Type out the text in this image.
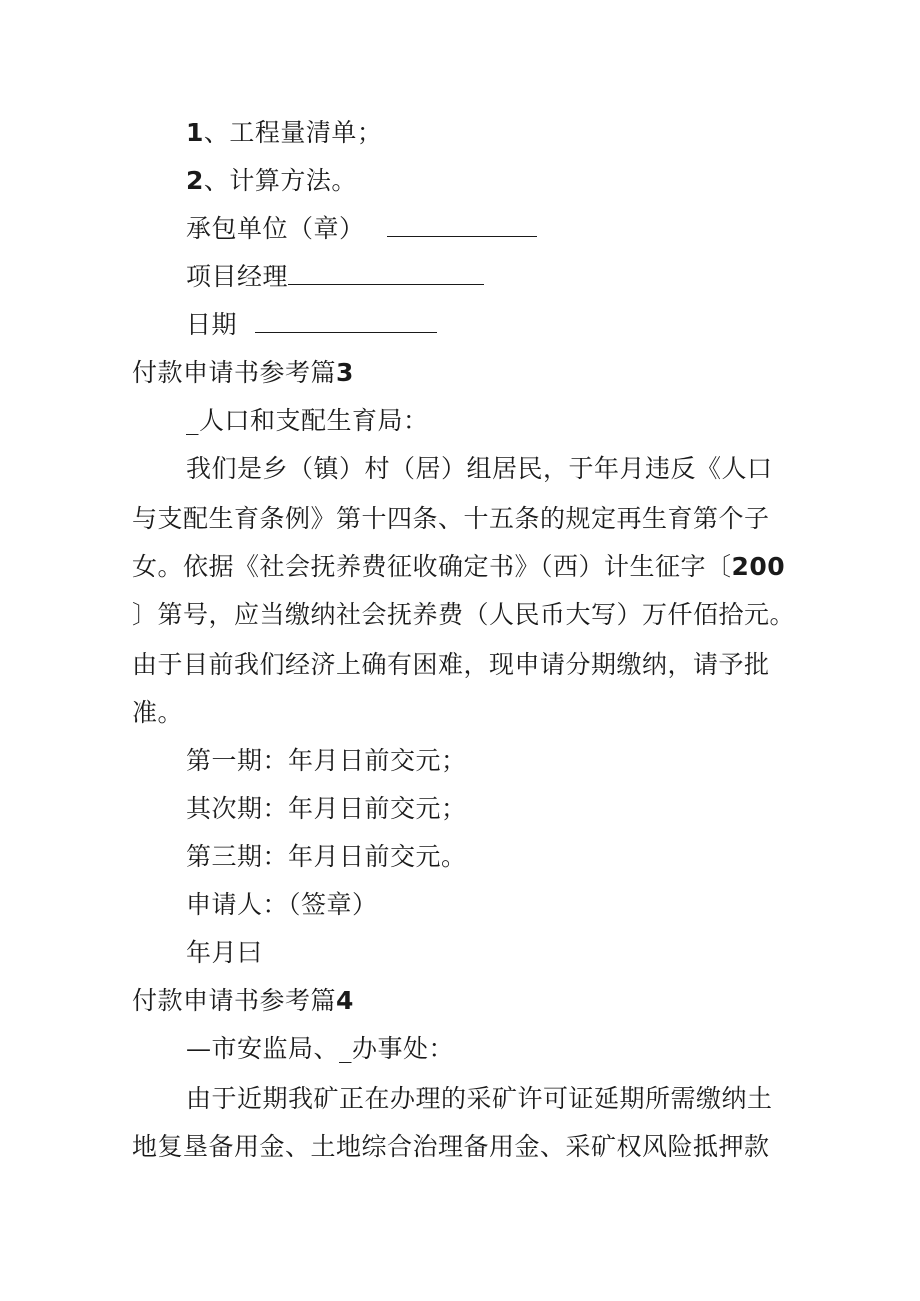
1、工程量清单；
2、计算方法。
承包单位（章）
项目经理
日期
付款申请书参考篇3
_人口和支配生育局：
我们是乡（镇）村（居）组居民，于年月违反《人口
与支配生育条例》第十四条、十五条的规定再生育第个子
女。依据《社会抚养费征收确定书》（西）计生征字〔200
〕第号，应当缴纳社会抚养费（人民币大写）万仟佰拾元。
由于目前我们经济上确有困难，现申请分期缴纳，请予批
准。
第一期：年月日前交元；
其次期：年月日前交元；
第三期：年月日前交元。
申请人：（签章）
年月曰
付款申请书参考篇4
—市安监局、_办事处：
由于近期我矿正在办理的采矿许可证延期所需缴纳土
地复垦备用金、土地综合治理备用金、采矿权风险抵押款
